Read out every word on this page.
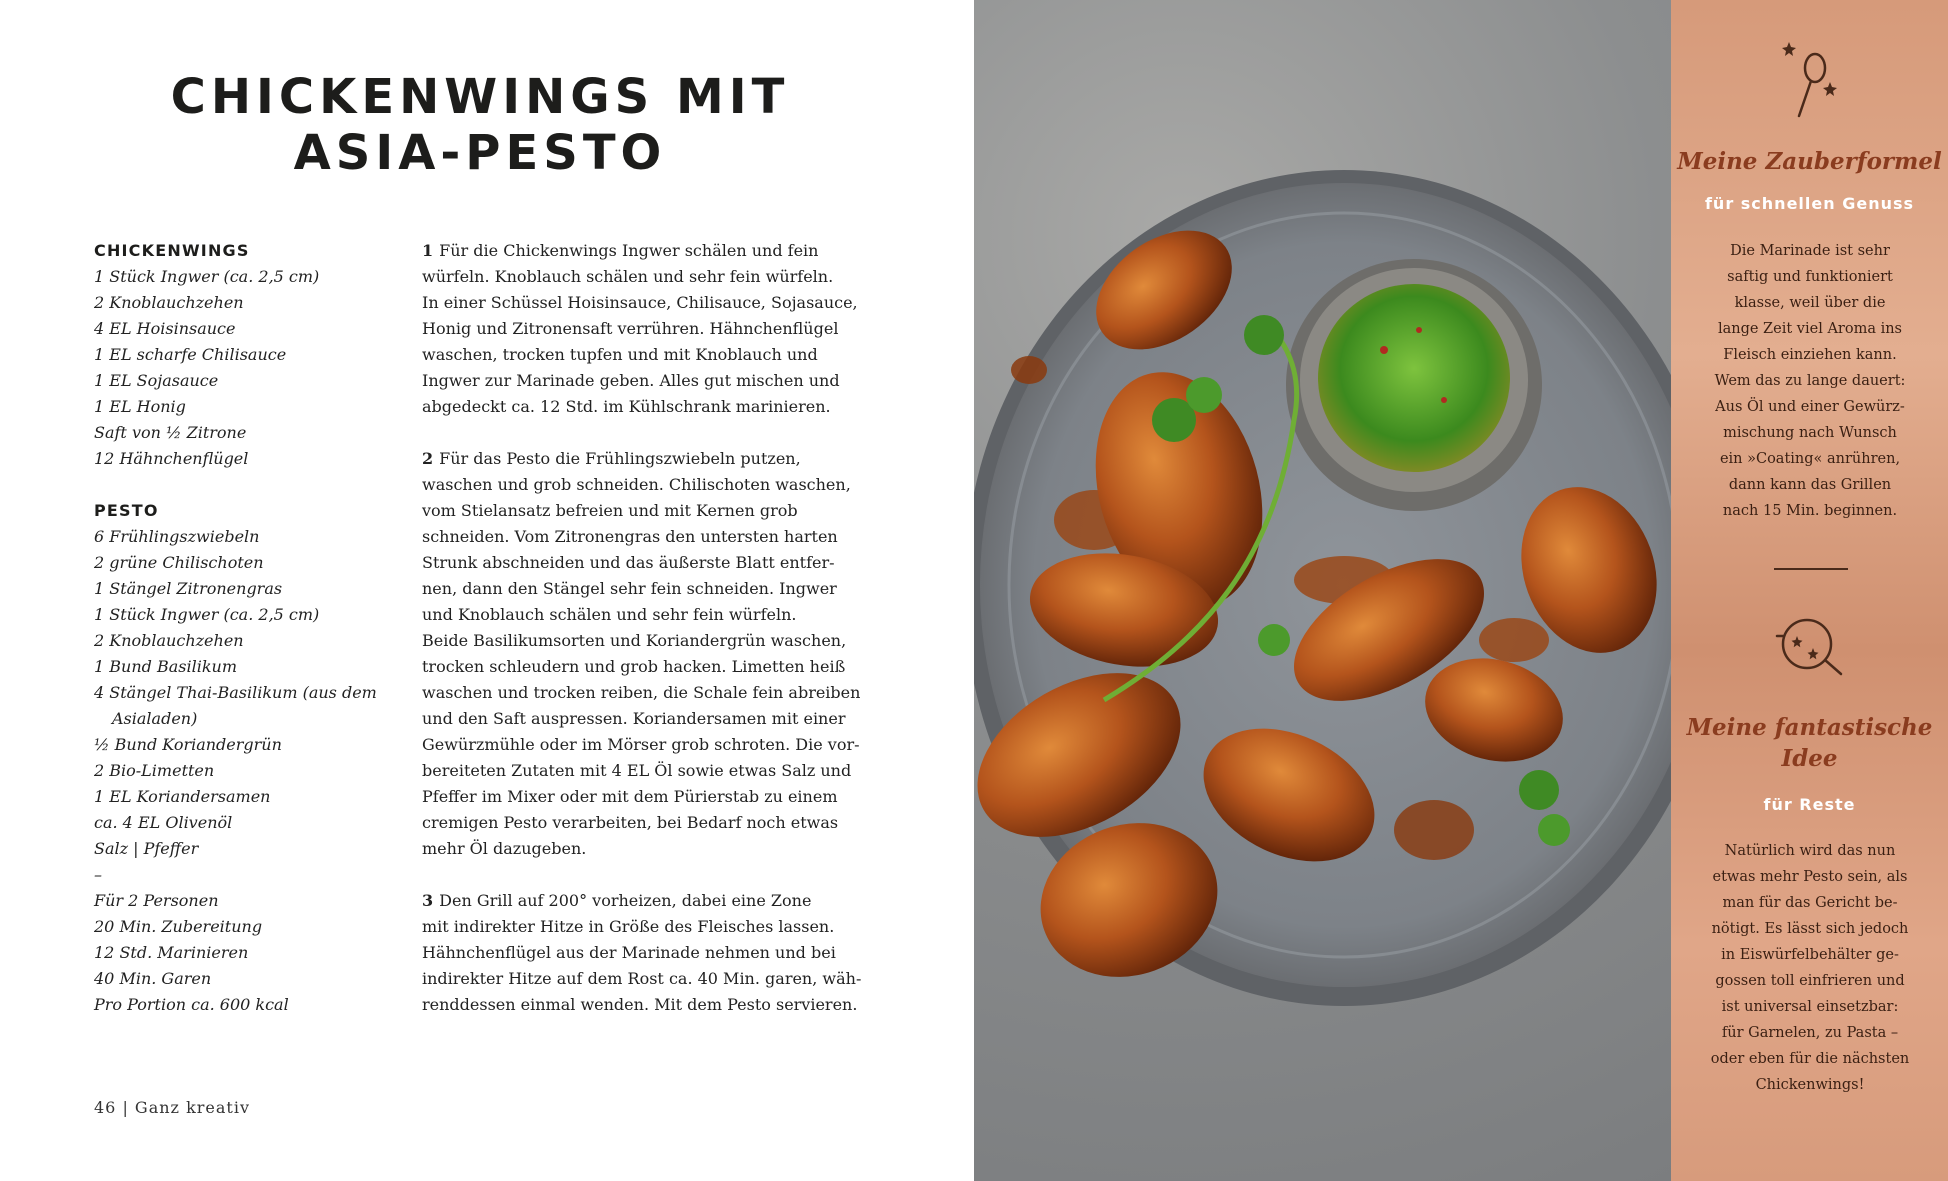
CHICKENWINGS MIT
ASIA-PESTO
CHICKENWINGS
1 Stück Ingwer (ca. 2,5 cm)
2 Knoblauchzehen
4 EL Hoisinsauce
1 EL scharfe Chilisauce
1 EL Sojasauce
1 EL Honig
Saft von ½ Zitrone
12 Hähnchenflügel
PESTO
6 Frühlingszwiebeln
2 grüne Chilischoten
1 Stängel Zitronengras
1 Stück Ingwer (ca. 2,5 cm)
2 Knoblauchzehen
1 Bund Basilikum
4 Stängel Thai-Basilikum (aus dem
Asialaden)
½ Bund Koriandergrün
2 Bio-Limetten
1 EL Koriandersamen
ca. 4 EL Olivenöl
Salz | Pfeffer
–
Für 2 Personen
20 Min. Zubereitung
12 Std. Marinieren
40 Min. Garen
Pro Portion ca. 600 kcal

1 Für die Chickenwings Ingwer schälen und fein
würfeln. Knoblauch schälen und sehr fein würfeln.
In einer Schüssel Hoisinsauce, Chilisauce, Sojasauce,
Honig und Zitronensaft verrühren. Hähnchenflügel
waschen, trocken tupfen und mit Knoblauch und
Ingwer zur Marinade geben. Alles gut mischen und
abgedeckt ca. 12 Std. im Kühlschrank marinieren.

2 Für das Pesto die Frühlingszwiebeln putzen,
waschen und grob schneiden. Chilischoten waschen,
vom Stielansatz befreien und mit Kernen grob
schneiden. Vom Zitronengras den untersten harten
Strunk abschneiden und das äußerste Blatt entfer-
nen, dann den Stängel sehr fein schneiden. Ingwer
und Knoblauch schälen und sehr fein würfeln.
Beide Basilikumsorten und Koriandergrün waschen,
trocken schleudern und grob hacken. Limetten heiß
waschen und trocken reiben, die Schale fein abreiben
und den Saft auspressen. Koriandersamen mit einer
Gewürzmühle oder im Mörser grob schroten. Die vor-
bereiteten Zutaten mit 4 EL Öl sowie etwas Salz und
Pfeffer im Mixer oder mit dem Pürierstab zu einem
cremigen Pesto verarbeiten, bei Bedarf noch etwas
mehr Öl dazugeben.

3 Den Grill auf 200° vorheizen, dabei eine Zone
mit indirekter Hitze in Größe des Fleisches lassen.
Hähnchenflügel aus der Marinade nehmen und bei
indirekter Hitze auf dem Rost ca. 40 Min. garen, wäh-
renddessen einmal wenden. Mit dem Pesto servieren.

46 | Ganz kreativ
Meine Zauberformel
für schnellen Genuss
Die Marinade ist sehr
saftig und funktioniert
klasse, weil über die
lange Zeit viel Aroma ins
Fleisch einziehen kann.
Wem das zu lange dauert:
Aus Öl und einer Gewürz-
mischung nach Wunsch
ein »Coating« anrühren,
dann kann das Grillen
nach 15 Min. beginnen.
Meine fantastische
Idee
für Reste
Natürlich wird das nun
etwas mehr Pesto sein, als
man für das Gericht be-
nötigt. Es lässt sich jedoch
in Eiswürfelbehälter ge-
gossen toll einfrieren und
ist universal einsetzbar:
für Garnelen, zu Pasta –
oder eben für die nächsten
Chickenwings!
